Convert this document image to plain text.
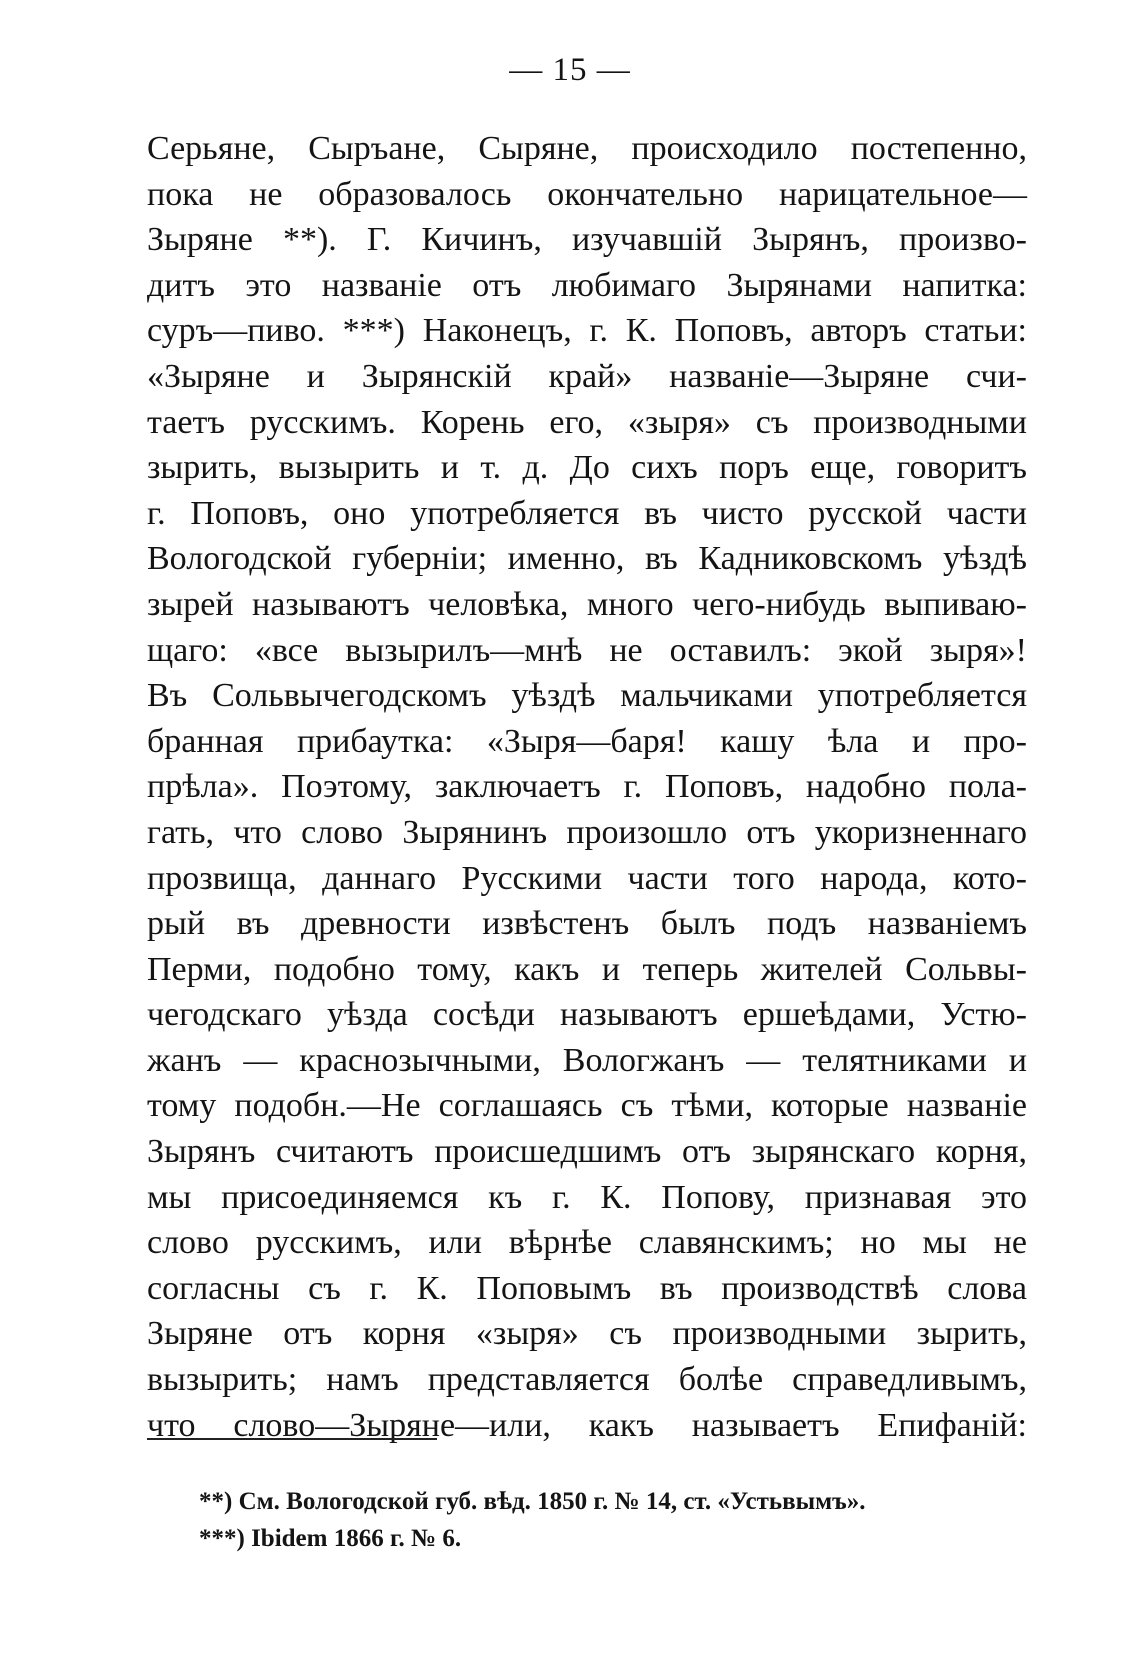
— 15 —
Серьяне, Сыръане, Сыряне, происходило постепенно,
пока не образовалось окончательно нарицательное—
Зыряне **). Г. Кичинъ, изучавшій Зырянъ, произво-
дитъ это названіе отъ любимаго Зырянами напитка:
суръ—пиво. ***) Наконецъ, г. К. Поповъ, авторъ статьи:
«Зыряне и Зырянскій край» названіе—Зыряне счи-
таетъ русскимъ. Корень его, «зыря» съ производными
зырить, вызырить и т. д. До сихъ поръ еще, говоритъ
г. Поповъ, оно употребляется въ чисто русской части
Вологодской губерніи; именно, въ Кадниковскомъ уѣздѣ
зырей называютъ человѣка, много чего-нибудь выпиваю-
щаго: «все вызырилъ—мнѣ не оставилъ: экой зыря»!
Въ Сольвычегодскомъ уѣздѣ мальчиками употребляется
бранная прибаутка: «Зыря—баря! кашу ѣла и про-
прѣла». Поэтому, заключаетъ г. Поповъ, надобно пола-
гать, что слово Зырянинъ произошло отъ укоризненнаго
прозвища, даннаго Русскими части того народа, кото-
рый въ древности извѣстенъ былъ подъ названіемъ
Перми, подобно тому, какъ и теперь жителей Сольвы-
чегодскаго уѣзда сосѣди называютъ ершеѣдами, Устю-
жанъ — краснозычными, Вологжанъ — телятниками и
тому подобн.—Не соглашаясь съ тѣми, которые названіе
Зырянъ считаютъ происшедшимъ отъ зырянскаго корня,
мы присоединяемся къ г. К. Попову, признавая это
слово русскимъ, или вѣрнѣе славянскимъ; но мы не
согласны съ г. К. Поповымъ въ производствѣ слова
Зыряне отъ корня «зыря» съ производными зырить,
вызырить; намъ представляется болѣе справедливымъ,
что слово—Зыряне—или, какъ называетъ Епифаній:
**) См. Вологодской губ. вѣд. 1850 г. № 14, ст. «Устьвымъ».
***) Ibidem 1866 г. № 6.
